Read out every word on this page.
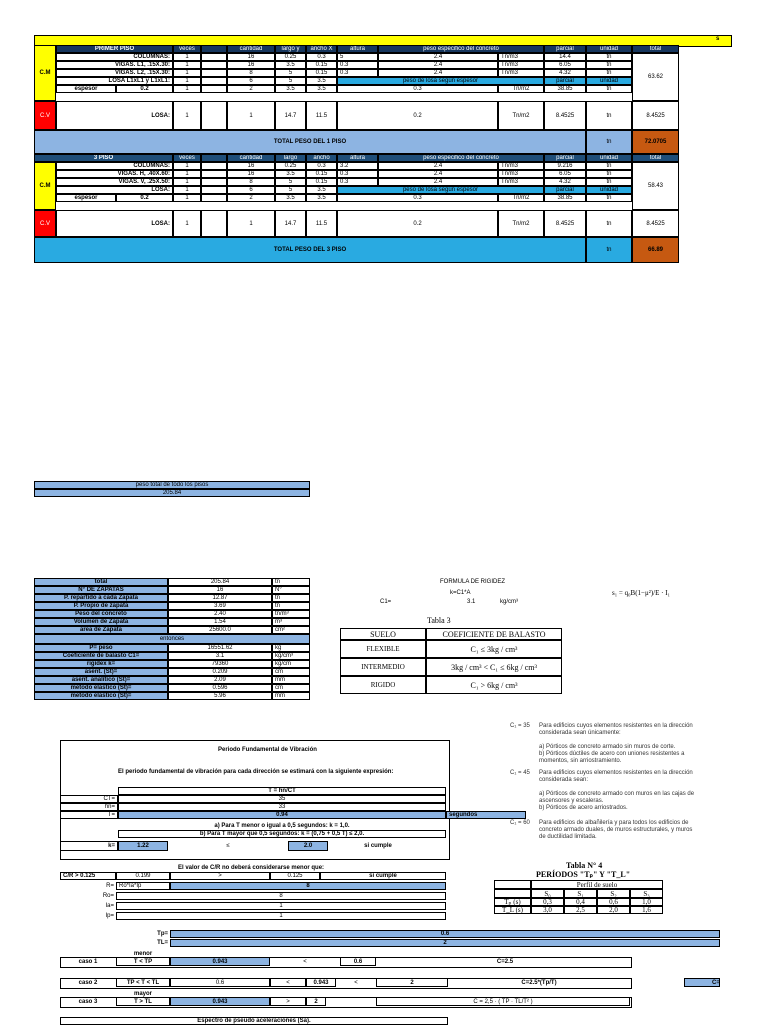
s
PRIMER PISO	veces	cantidad	largo y	ancho X	altura	peso especifico del concreto	parcial	unidad	total
C.M
COLUMNAS:	1	16	0.25	0.3	5	2.4	Tn/m3	14.4	tn
VIGAS. L1, .15X.30:	1	16	3.5	0.15	0.3	2.4	Tn/m3	6.05	tn
VIGAS. L2, .15X.30:	1	8	5	0.15	0.3	2.4	Tn/m3	4.32	tn
LOSA L1xL1 y L1xL1:	1	6	5	3.5	peso de losa según espesor	parcial	unidad
espesor	0.2	1	2	3.5	3.5	0.3	Tn/m2	38.85	tn
63.62
C.V	LOSA:	1	1	14.7	11.5	0.2	Tn/m2	8.4525	tn	8.4525
TOTAL PESO DEL 1 PISO	tn	72.0705
3 PISO	veces	cantidad	largo	ancho	altura	peso especifico del concreto	parcial	unidad	total
C.M
COLUMNAS:	1	16	0.25	0.3	3.2	2.4	Tn/m3	9.216	tn
VIGAS. H, .40X.60:	1	16	3.5	0.15	0.3	2.4	Tn/m3	6.05	tn
VIGAS. V, .25X.50:	1	8	5	0.15	0.3	2.4	Tn/m3	4.32	tn
LOSA:	1	6	5	3.5	peso de losa según espesor	parcial	unidad
espesor	0.2	1	2	3.5	3.5	0.3	Tn/m2	38.85	tn
58.43
C.V	LOSA:	1	1	14.7	11.5	0.2	Tn/m2	8.4525	tn	8.4525
TOTAL PESO DEL 3 PISO	tn	66.89
peso total de todo los pisos
205.84
total	205.84	tn
N° DE ZAPATAS	16	N°
P. repartido a cada Zapata	12.87	tn
P. Propio de zapata	3.69	tn
Peso del concreto	2.40	tn/m³
Volumen de Zapata	1.54	m³
area de Zapata	25600.0	cm²
entonces
P= peso	16551.62	kg
Coeficiente de balasto C1=	3.1	kg/cm³
rigidex k=	79360	kg/cm
asent. (St)=	0.209	cm
asent. analitico (St)=	2.09	mm
metodo elastico (St)=	0.596	cm
metodo elastico (St)=	5.96	mm
FORMULA DE RIGIDEZ
k=C1*A
C1=	3.1	kg/cm³
s₁ = q₀B(1−μ²)/E · I₁
Tabla 3
SUELO	COEFICIENTE DE BALASTO
FLEXIBLE	C₁ ≤ 3kg / cm³
INTERMEDIO	3kg / cm³ < C₁ ≤ 6kg / cm³
RIGIDO	C₁ > 6kg / cm³
C₁ = 35 Para edificios cuyos elementos resistentes en la dirección
considerada sean únicamente:
a) Pórticos de concreto armado sin muros de corte.
b) Pórticos dúctiles de acero con uniones resistentes a
momentos, sin arriostramiento.
C₁ = 45 Para edificios cuyos elementos resistentes en la dirección
considerada sean:
a) Pórticos de concreto armado con muros en las cajas de
ascensores y escaleras.
b) Pórticos de acero arriostrados.
C₁ = 60 Para edificios de albañilería y para todos los edificios de
concreto armado duales, de muros estructurales, y muros
de ductilidad limitada.
Periodo Fundamental de Vibración
El periodo fundamental de vibración para cada dirección se estimará con la siguiente expresión:
T = hn/CT
CT=	35
hn=	33
T=	0.94	segundos
a) Para T menor o igual a 0,5 segundos: k = 1,0.
b) Para T mayor que 0,5 segundos: k = (0,75 + 0,5 T) ≤ 2,0.
k=	1.22	≤	2.0	si cumple
El valor de C/R no deberá considerarse menor que:
C/R > 0.125	0.199	>	0.125	si cumple
R= Ro*Ia*Ip	8
Ro=	8
Ia=	1
Ip=	1
Tabla N° 4
PERÍODOS "Tₚ" Y "T_L"
Perfil de suelo
S₀	S₁	S₂	S₃
Tₚ (s)	0,3	0,4	0,6	1,0
T_L (s)	3,0	2,5	2,0	1,6
Tp=	0.6
TL=	2
menor
caso 1	T < TP	0.943	<	0.6	C=2.5
caso 2	TP < T < TL	0.6	<	0.943	<	2	C=2.5*(Tp/T)	C=
mayor
caso 3	T > TL	0.943	>	2	C = 2,5 · ( TP · TL/T² )
Espectro de pseudo aceleraciones (Sa).
